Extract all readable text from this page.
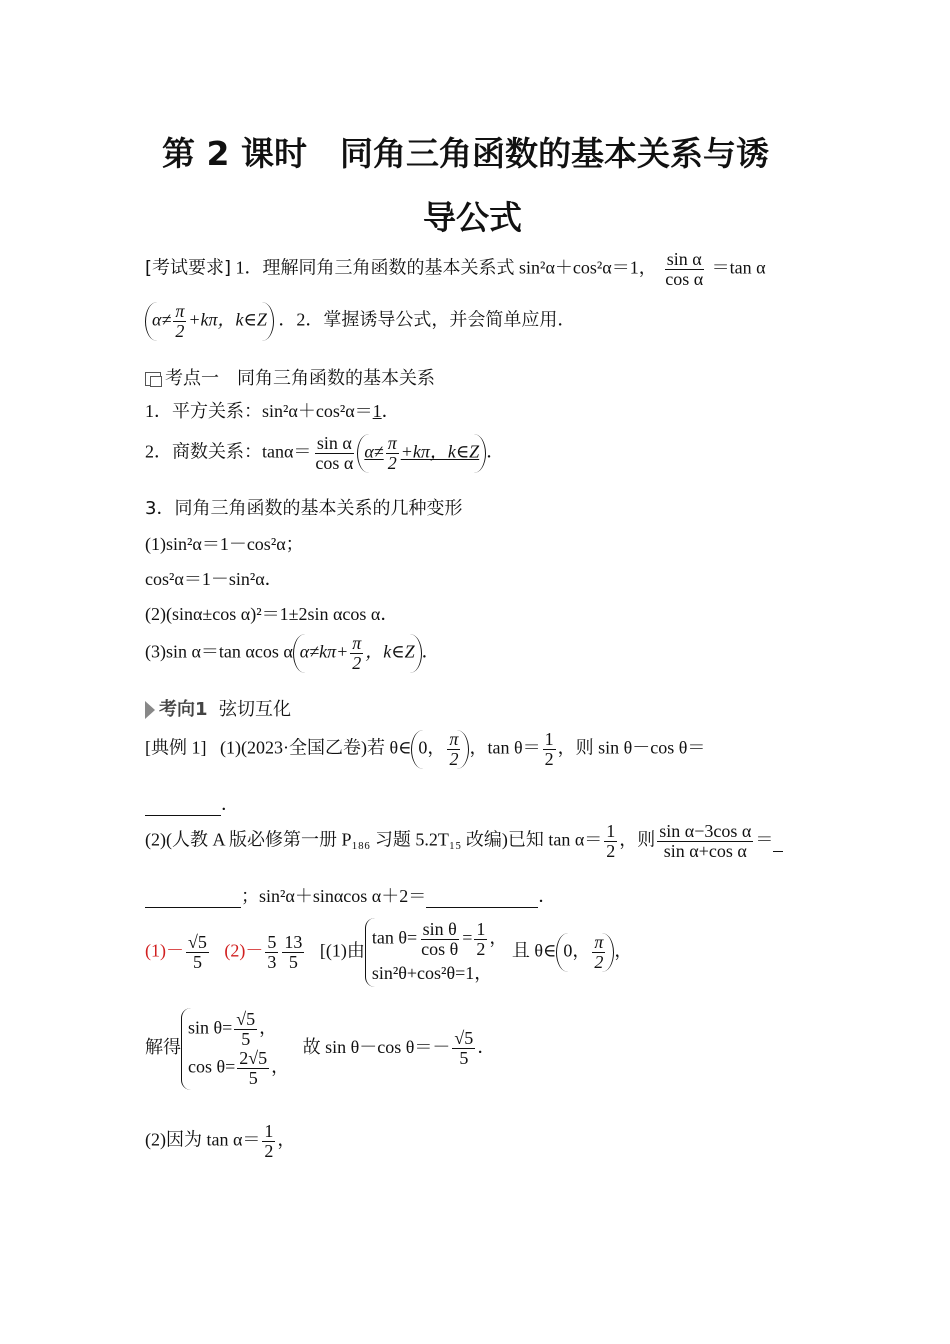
第 2 课时　同角三角函数的基本关系与诱
导公式
[考试要求] 1．理解同角三角函数的基本关系式 sin²α＋cos²α＝1， $\frac{\text{sin α}}{\text{cos α}} =\tan$ α
$\alpha\ne \frac{\pi}{2} +k\pi$，k∈Z ．2．掌握诱导公式，并会简单应用．
考点一　同角三角函数的基本关系
1．平方关系：sin²α＋cos²α＝1．
2．商数关系：$\tan\alpha= \frac{\text{sin α}}{\text{cos α}} \alpha\ne \frac{\pi}{2} +k\pi$，k∈Z ．
3．同角三角函数的基本关系的几种变形
(1)sin²α＝1－cos²α；
cos²α＝1－sin²α．
(2)(sinα±cos α)²＝1±2sin αcos α．
(3)sin α＝tan αcos α $\alpha\ne k\pi+ \frac{\pi}{2}$ ，k∈Z ．
考向1 弦切互化
[典例 1] (1)(2023·全国乙卷)若 θ∈ 0， $\frac{\pi}{2}$ ，$\tan \theta= \frac{1}{2}$ ，则 sin θ－cos θ＝
．
(2)(人教 A 版必修第一册 P₁₈₆ 习题 5.2T₁₅ 改编)已知 $\tan \alpha= \frac{1}{2}$ ，则 $\frac{\text{sin α−3cos α}}{\text{sin α+cos α}}$ ＝
；sin²α＋sinαcos α＋2＝	．
$(1)- \frac{√5}{5} (2)- \frac{5}{3} \frac{13}{5} [(1)$由
$\tan \theta= \frac{\text{sin θ}}{\text{cos θ}} = \frac{1}{2}$ ，
sin²θ+cos²θ=1，
且 θ∈ 0， $\frac{\pi}{2}$ ，
解得
$\sin \theta= \frac{√5}{5}$ ，
$\cos \theta= \frac{2√5}{5}$ ，
故 sin θ－cos $\theta=- \frac{√5}{5}$ ．
(2)因为 $\tan \alpha= \frac{1}{2}$ ，
